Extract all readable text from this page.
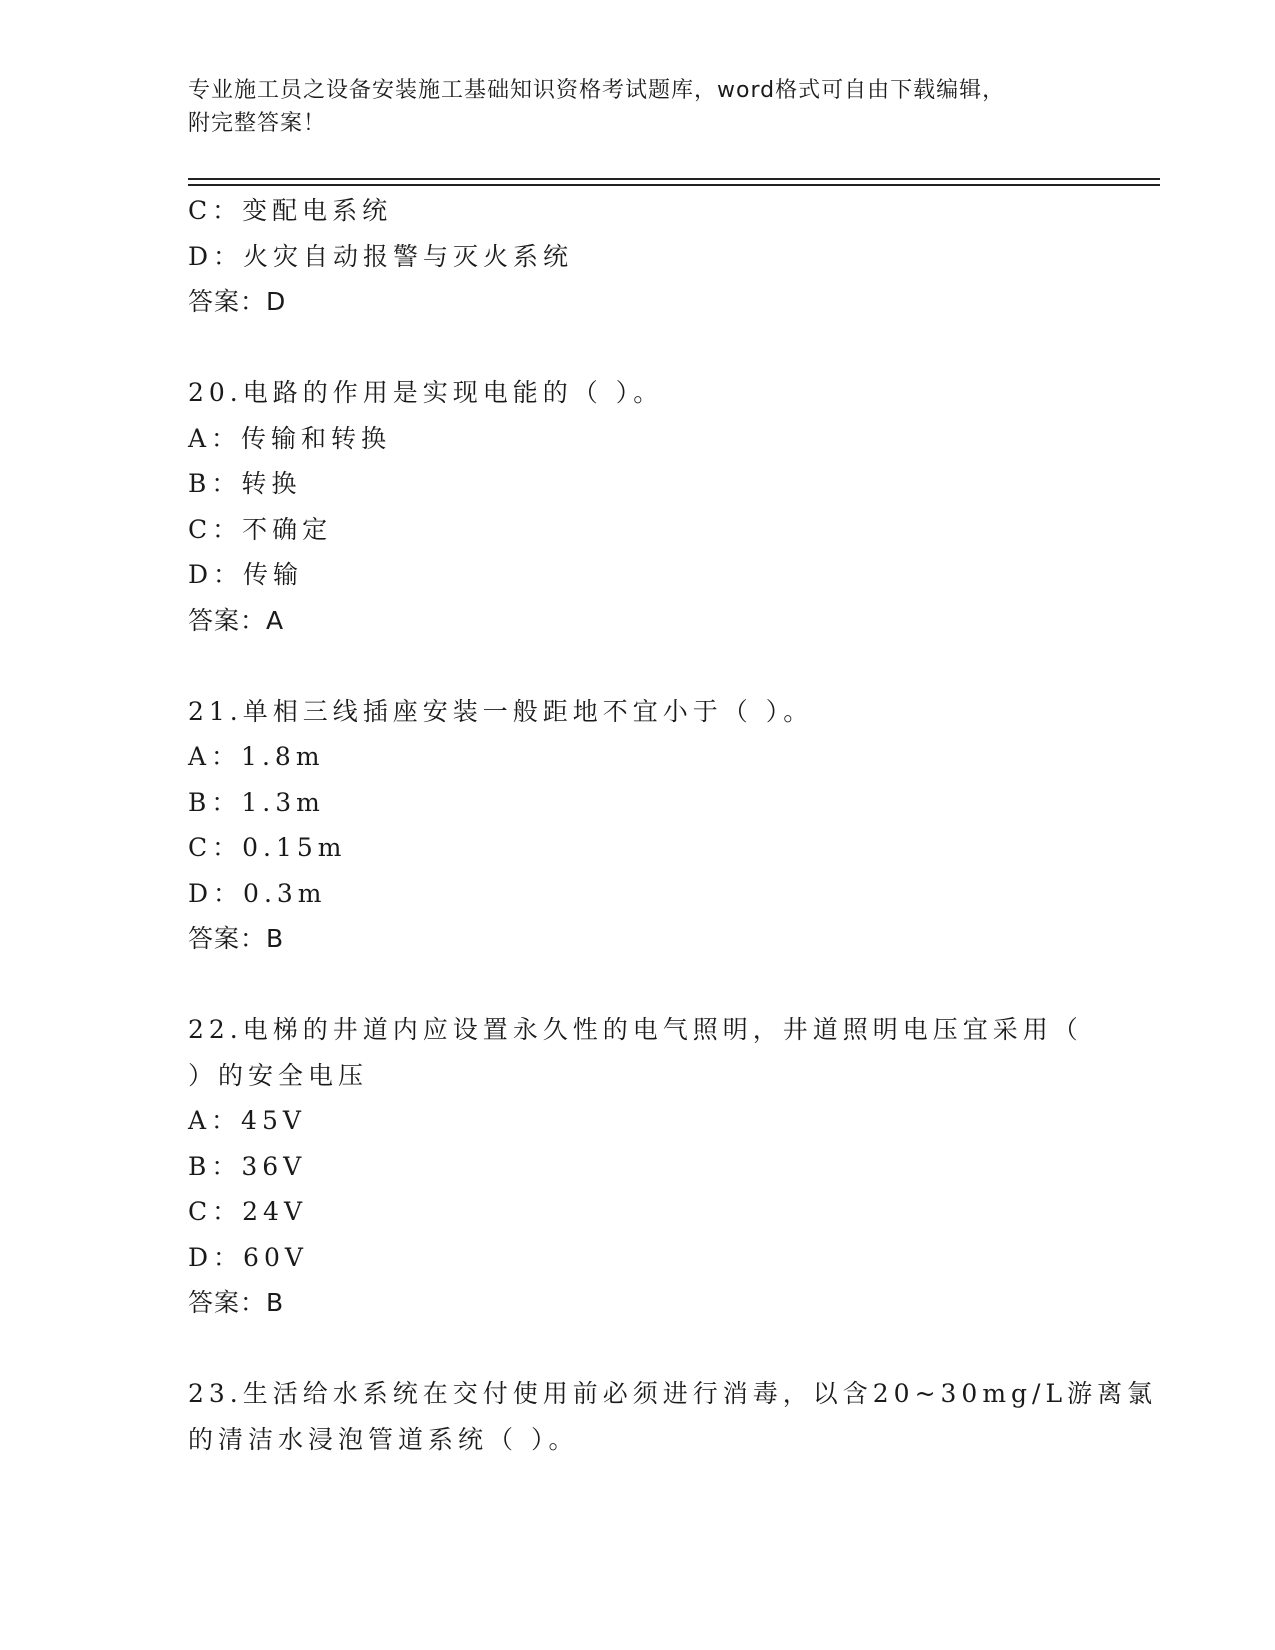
专业施工员之设备安装施工基础知识资格考试题库，word格式可自由下载编辑，
附完整答案！
C：变配电系统
D：火灾自动报警与灭火系统
答案：D
20.电路的作用是实现电能的（ ）。
A：传输和转换
B：转换
C：不确定
D：传输
答案：A
21.单相三线插座安装一般距地不宜小于（ ）。
A：1.8m
B：1.3m
C：0.15m
D：0.3m
答案：B
22.电梯的井道内应设置永久性的电气照明，井道照明电压宜采用（
）的安全电压
A：45V
B：36V
C：24V
D：60V
答案：B
23.生活给水系统在交付使用前必须进行消毒，以含20~30mg/L游离氯
的清洁水浸泡管道系统（ ）。
